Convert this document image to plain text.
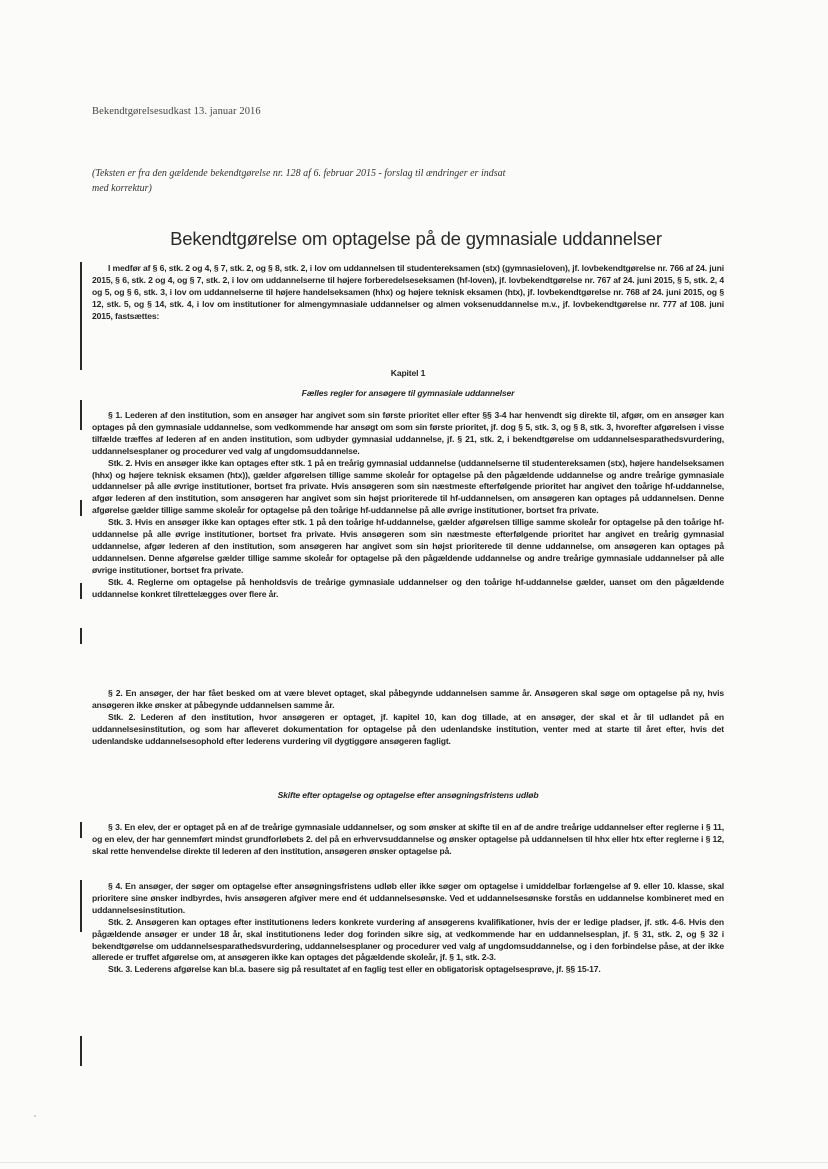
Bekendtgørelsesudkast 13. januar 2016
(Teksten er fra den gældende bekendtgørelse nr. 128 af 6. februar 2015 - forslag til ændringer er indsat med korrektur)
Bekendtgørelse om optagelse på de gymnasiale uddannelser

I medfør af § 6, stk. 2 og 4, § 7, stk. 2, og § 8, stk. 2, i lov om uddannelsen til studentereksamen (stx) (gymnasieloven), jf. lovbekendtgørelse nr. 766 af 24. juni 2015, § 6, stk. 2 og 4, og § 7, stk. 2, i lov om uddannelserne til højere forberedelseseksamen (hf-loven), jf. lovbekendtgørelse nr. 767 af 24. juni 2015, § 5, stk. 2, 4 og 5, og § 6, stk. 3, i lov om uddannelserne til højere handelseksamen (hhx) og højere teknisk eksamen (htx), jf. lovbekendtgørelse nr. 768 af 24. juni 2015, og § 12, stk. 5, og § 14, stk. 4, i lov om institutioner for almengymnasiale uddannelser og almen voksenuddannelse m.v., jf. lovbekendtgørelse nr. 777 af 108. juni 2015, fastsættes:

Kapitel 1

Fælles regler for ansøgere til gymnasiale uddannelser

§ 1. Lederen af den institution, som en ansøger har angivet som sin første prioritet eller efter §§ 3-4 har henvendt sig direkte til, afgør, om en ansøger kan optages på den gymnasiale uddannelse, som vedkommende har ansøgt om som sin første prioritet, jf. dog § 5, stk. 3, og § 8, stk. 3, hvorefter afgørelsen i visse tilfælde træffes af lederen af en anden institution, som udbyder gymnasial uddannelse, jf. § 21, stk. 2, i bekendtgørelse om uddannelsesparathedsvurdering, uddannelsesplaner og procedurer ved valg af ungdomsuddannelse.

Stk. 2. Hvis en ansøger ikke kan optages efter stk. 1 på en treårig gymnasial uddannelse (uddannelserne til studentereksamen (stx), højere handelseksamen (hhx) og højere teknisk eksamen (htx)), gælder afgørelsen tillige samme skoleår for optagelse på den pågældende uddannelse og andre treårige gymnasiale uddannelser på alle øvrige institutioner, bortset fra private. Hvis ansøgeren som sin næstmeste efterfølgende prioritet har angivet den toårige hf-uddannelse, afgør lederen af den institution, som ansøgeren har angivet som sin højst prioriterede til hf-uddannelsen, om ansøgeren kan optages på uddannelsen. Denne afgørelse gælder tillige samme skoleår for optagelse på den toårige hf-uddannelse på alle øvrige institutioner, bortset fra private.

Stk. 3. Hvis en ansøger ikke kan optages efter stk. 1 på den toårige hf-uddannelse, gælder afgørelsen tillige samme skoleår for optagelse på den toårige hf-uddannelse på alle øvrige institutioner, bortset fra private. Hvis ansøgeren som sin næstmeste efterfølgende prioritet har angivet en treårig gymnasial uddannelse, afgør lederen af den institution, som ansøgeren har angivet som sin højst prioriterede til denne uddannelse, om ansøgeren kan optages på uddannelsen. Denne afgørelse gælder tillige samme skoleår for optagelse på den pågældende uddannelse og andre treårige gymnasiale uddannelser på alle øvrige institutioner, bortset fra private.

Stk. 4. Reglerne om optagelse på henholdsvis de treårige gymnasiale uddannelser og den toårige hf-uddannelse gælder, uanset om den pågældende uddannelse konkret tilrettelægges over flere år.

§ 2. En ansøger, der har fået besked om at være blevet optaget, skal påbegynde uddannelsen samme år. Ansøgeren skal søge om optagelse på ny, hvis ansøgeren ikke ønsker at påbegynde uddannelsen samme år.

Stk. 2. Lederen af den institution, hvor ansøgeren er optaget, jf. kapitel 10, kan dog tillade, at en ansøger, der skal et år til udlandet på en uddannelsesinstitution, og som har afleveret dokumentation for optagelse på den udenlandske institution, venter med at starte til året efter, hvis det udenlandske uddannelsesophold efter lederens vurdering vil dygtiggøre ansøgeren fagligt.

Skifte efter optagelse og optagelse efter ansøgningsfristens udløb

§ 3. En elev, der er optaget på en af de treårige gymnasiale uddannelser, og som ønsker at skifte til en af de andre treårige uddannelser efter reglerne i § 11, og en elev, der har gennemført mindst grundforløbets 2. del på en erhvervsuddannelse og ønsker optagelse på uddannelsen til hhx eller htx efter reglerne i § 12, skal rette henvendelse direkte til lederen af den institution, ansøgeren ønsker optagelse på.

§ 4. En ansøger, der søger om optagelse efter ansøgningsfristens udløb eller ikke søger om optagelse i umiddelbar forlængelse af 9. eller 10. klasse, skal prioritere sine ønsker indbyrdes, hvis ansøgeren afgiver mere end ét uddannelsesønske. Ved et uddannelsesønske forstås en uddannelse kombineret med en uddannelsesinstitution.

Stk. 2. Ansøgeren kan optages efter institutionens leders konkrete vurdering af ansøgerens kvalifikationer, hvis der er ledige pladser, jf. stk. 4-6. Hvis den pågældende ansøger er under 18 år, skal institutionens leder dog forinden sikre sig, at vedkommende har en uddannelsesplan, jf. § 31, stk. 2, og § 32 i bekendtgørelse om uddannelsesparathedsvurdering, uddannelsesplaner og procedurer ved valg af ungdomsuddannelse, og i den forbindelse påse, at der ikke allerede er truffet afgørelse om, at ansøgeren ikke kan optages det pågældende skoleår, jf. § 1, stk. 2-3.

Stk. 3. Lederens afgørelse kan bl.a. basere sig på resultatet af en faglig test eller en obligatorisk optagelsesprøve, jf. §§ 15-17.
